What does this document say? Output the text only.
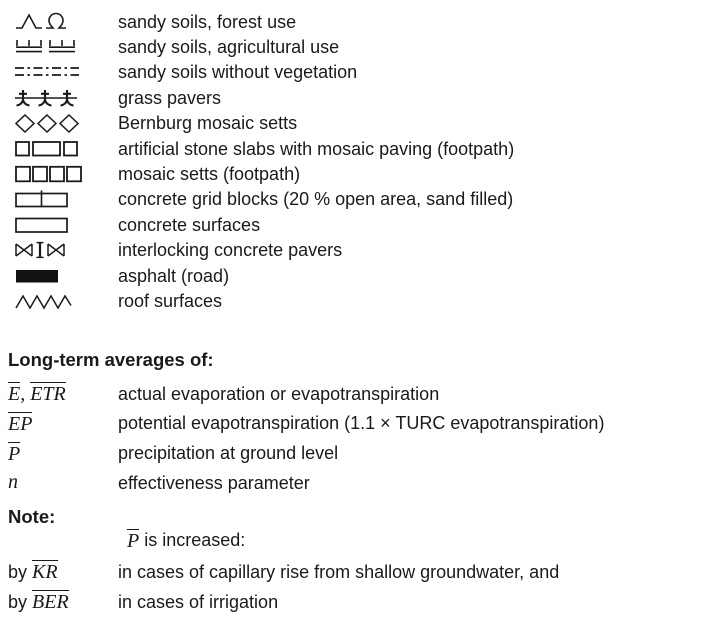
sandy soils, forest use
sandy soils, agricultural use
sandy soils without vegetation
grass pavers
Bernburg mosaic setts
artificial stone slabs with mosaic paving (footpath)
mosaic setts (footpath)
concrete grid blocks (20 % open area, sand filled)
concrete surfaces
interlocking concrete pavers
asphalt (road)
roof surfaces
Long-term averages of:
E, ETR	actual evaporation or evapotranspiration
EP	potential evapotranspiration (1.1 × TURC evapotranspiration)
P	precipitation at ground level
n	effectiveness parameter
Note:
P is increased:
by KR	in cases of capillary rise from shallow groundwater, and
by BER	in cases of irrigation
